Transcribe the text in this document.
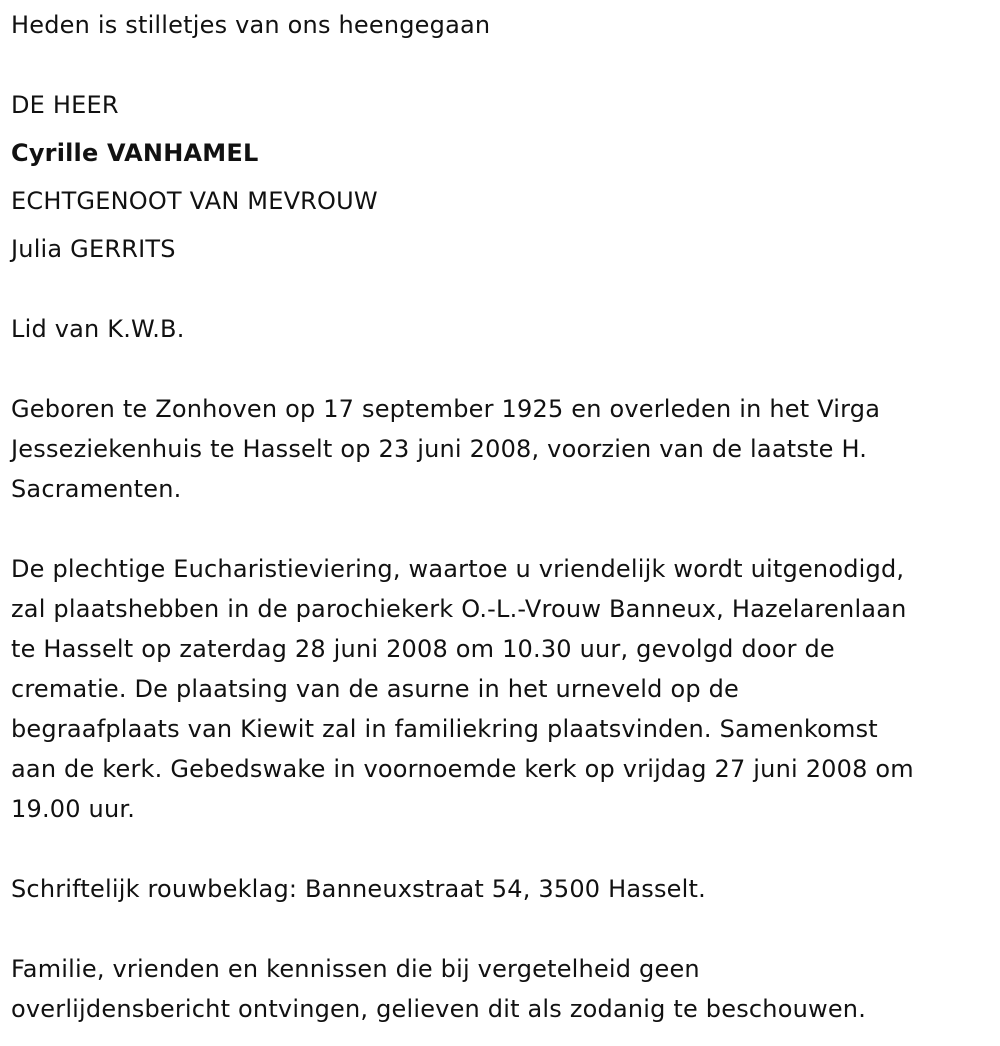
Heden is stilletjes van ons heengegaan
DE HEER
Cyrille VANHAMEL
ECHTGENOOT VAN MEVROUW
Julia GERRITS
Lid van K.W.B.
Geboren te Zonhoven op 17 september 1925 en overleden in het Virga
Jesseziekenhuis te Hasselt op 23 juni 2008, voorzien van de laatste H.
Sacramenten.
De plechtige Eucharistieviering, waartoe u vriendelijk wordt uitgenodigd,
zal plaatshebben in de parochiekerk O.-L.-Vrouw Banneux, Hazelarenlaan
te Hasselt op zaterdag 28 juni 2008 om 10.30 uur, gevolgd door de
crematie. De plaatsing van de asurne in het urneveld op de
begraafplaats van Kiewit zal in familiekring plaatsvinden. Samenkomst
aan de kerk. Gebedswake in voornoemde kerk op vrijdag 27 juni 2008 om
19.00 uur.
Schriftelijk rouwbeklag: Banneuxstraat 54, 3500 Hasselt.
Familie, vrienden en kennissen die bij vergetelheid geen
overlijdensbericht ontvingen, gelieven dit als zodanig te beschouwen.
